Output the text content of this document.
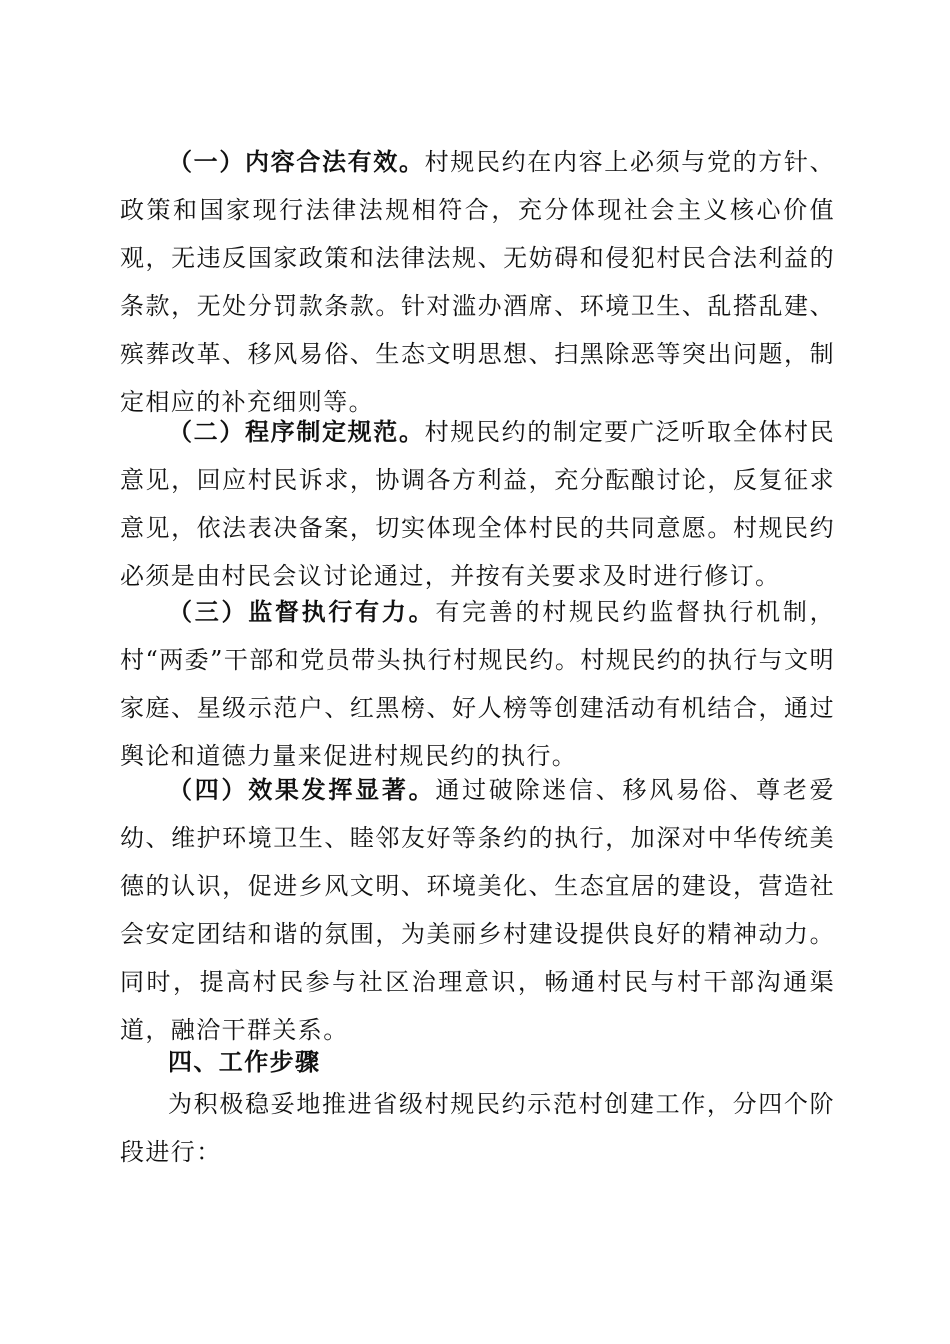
（一）内容合法有效。村规民约在内容上必须与党的方针、政策和国家现行法律法规相符合，充分体现社会主义核心价值观，无违反国家政策和法律法规、无妨碍和侵犯村民合法利益的条款，无处分罚款条款。针对滥办酒席、环境卫生、乱搭乱建、殡葬改革、移风易俗、生态文明思想、扫黑除恶等突出问题，制定相应的补充细则等。

（二）程序制定规范。村规民约的制定要广泛听取全体村民意见，回应村民诉求，协调各方利益，充分酝酿讨论，反复征求意见，依法表决备案，切实体现全体村民的共同意愿。村规民约必须是由村民会议讨论通过，并按有关要求及时进行修订。

（三）监督执行有力。有完善的村规民约监督执行机制，村“两委”干部和党员带头执行村规民约。村规民约的执行与文明家庭、星级示范户、红黑榜、好人榜等创建活动有机结合，通过舆论和道德力量来促进村规民约的执行。

（四）效果发挥显著。通过破除迷信、移风易俗、尊老爱幼、维护环境卫生、睦邻友好等条约的执行，加深对中华传统美德的认识，促进乡风文明、环境美化、生态宜居的建设，营造社会安定团结和谐的氛围，为美丽乡村建设提供良好的精神动力。同时，提高村民参与社区治理意识，畅通村民与村干部沟通渠道，融洽干群关系。

四、工作步骤

为积极稳妥地推进省级村规民约示范村创建工作，分四个阶段进行：
